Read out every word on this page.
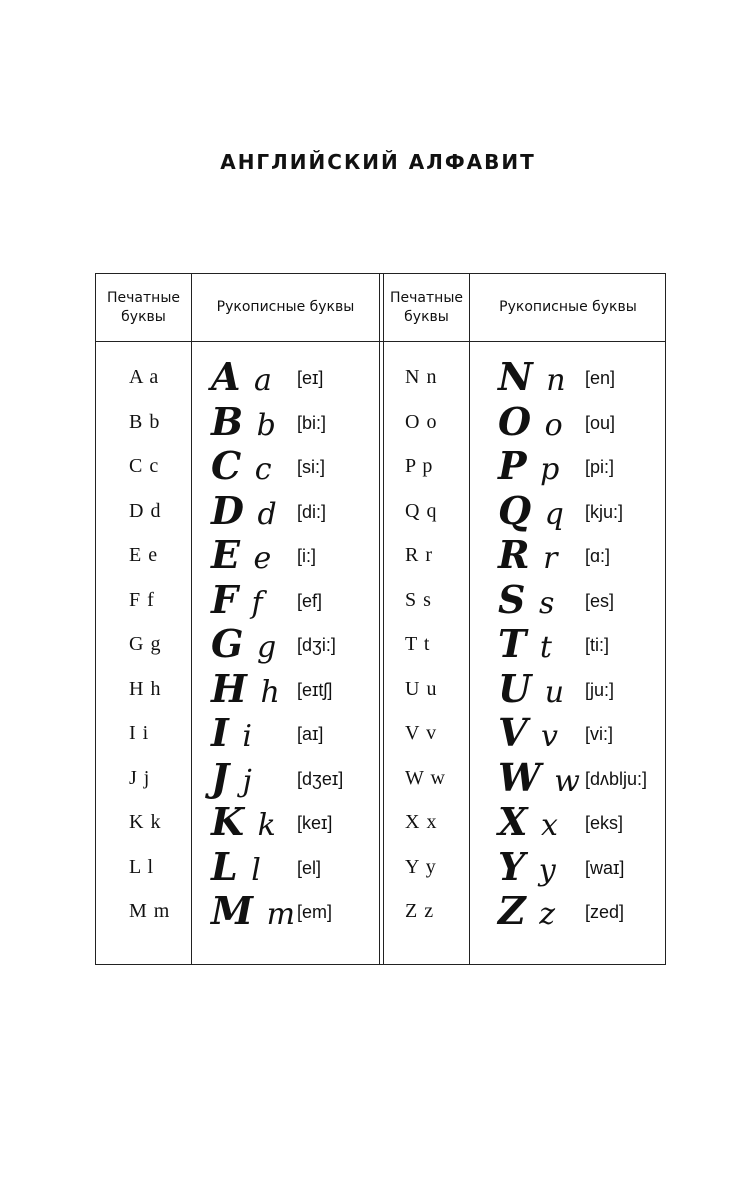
АНГЛИЙСКИЙ АЛФАВИТ
Печатные
буквы
Рукописные буквы
Печатные
буквы
Рукописные буквы
A a A a [eɪ]
B b B b [bi:]
C c C c [si:]
D d D d [di:]
E e E e [i:]
F f F f [ef]
G g G g [dʒi:]
H h H h [eɪtʃ]
I i I i [aɪ]
J j J j [dʒeɪ]
K k K k [keɪ]
L l L l [el]
M m M m [em]
N n N n [en]
O o O o [ou]
P p P p [pi:]
Q q Q q [kju:]
R r R r [ɑ:]
S s S s [es]
T t T t [ti:]
U u U u [ju:]
V v V v [vi:]
W w W w [dʌblju:]
X x X x [eks]
Y y Y y [waɪ]
Z z Z z [zed]
